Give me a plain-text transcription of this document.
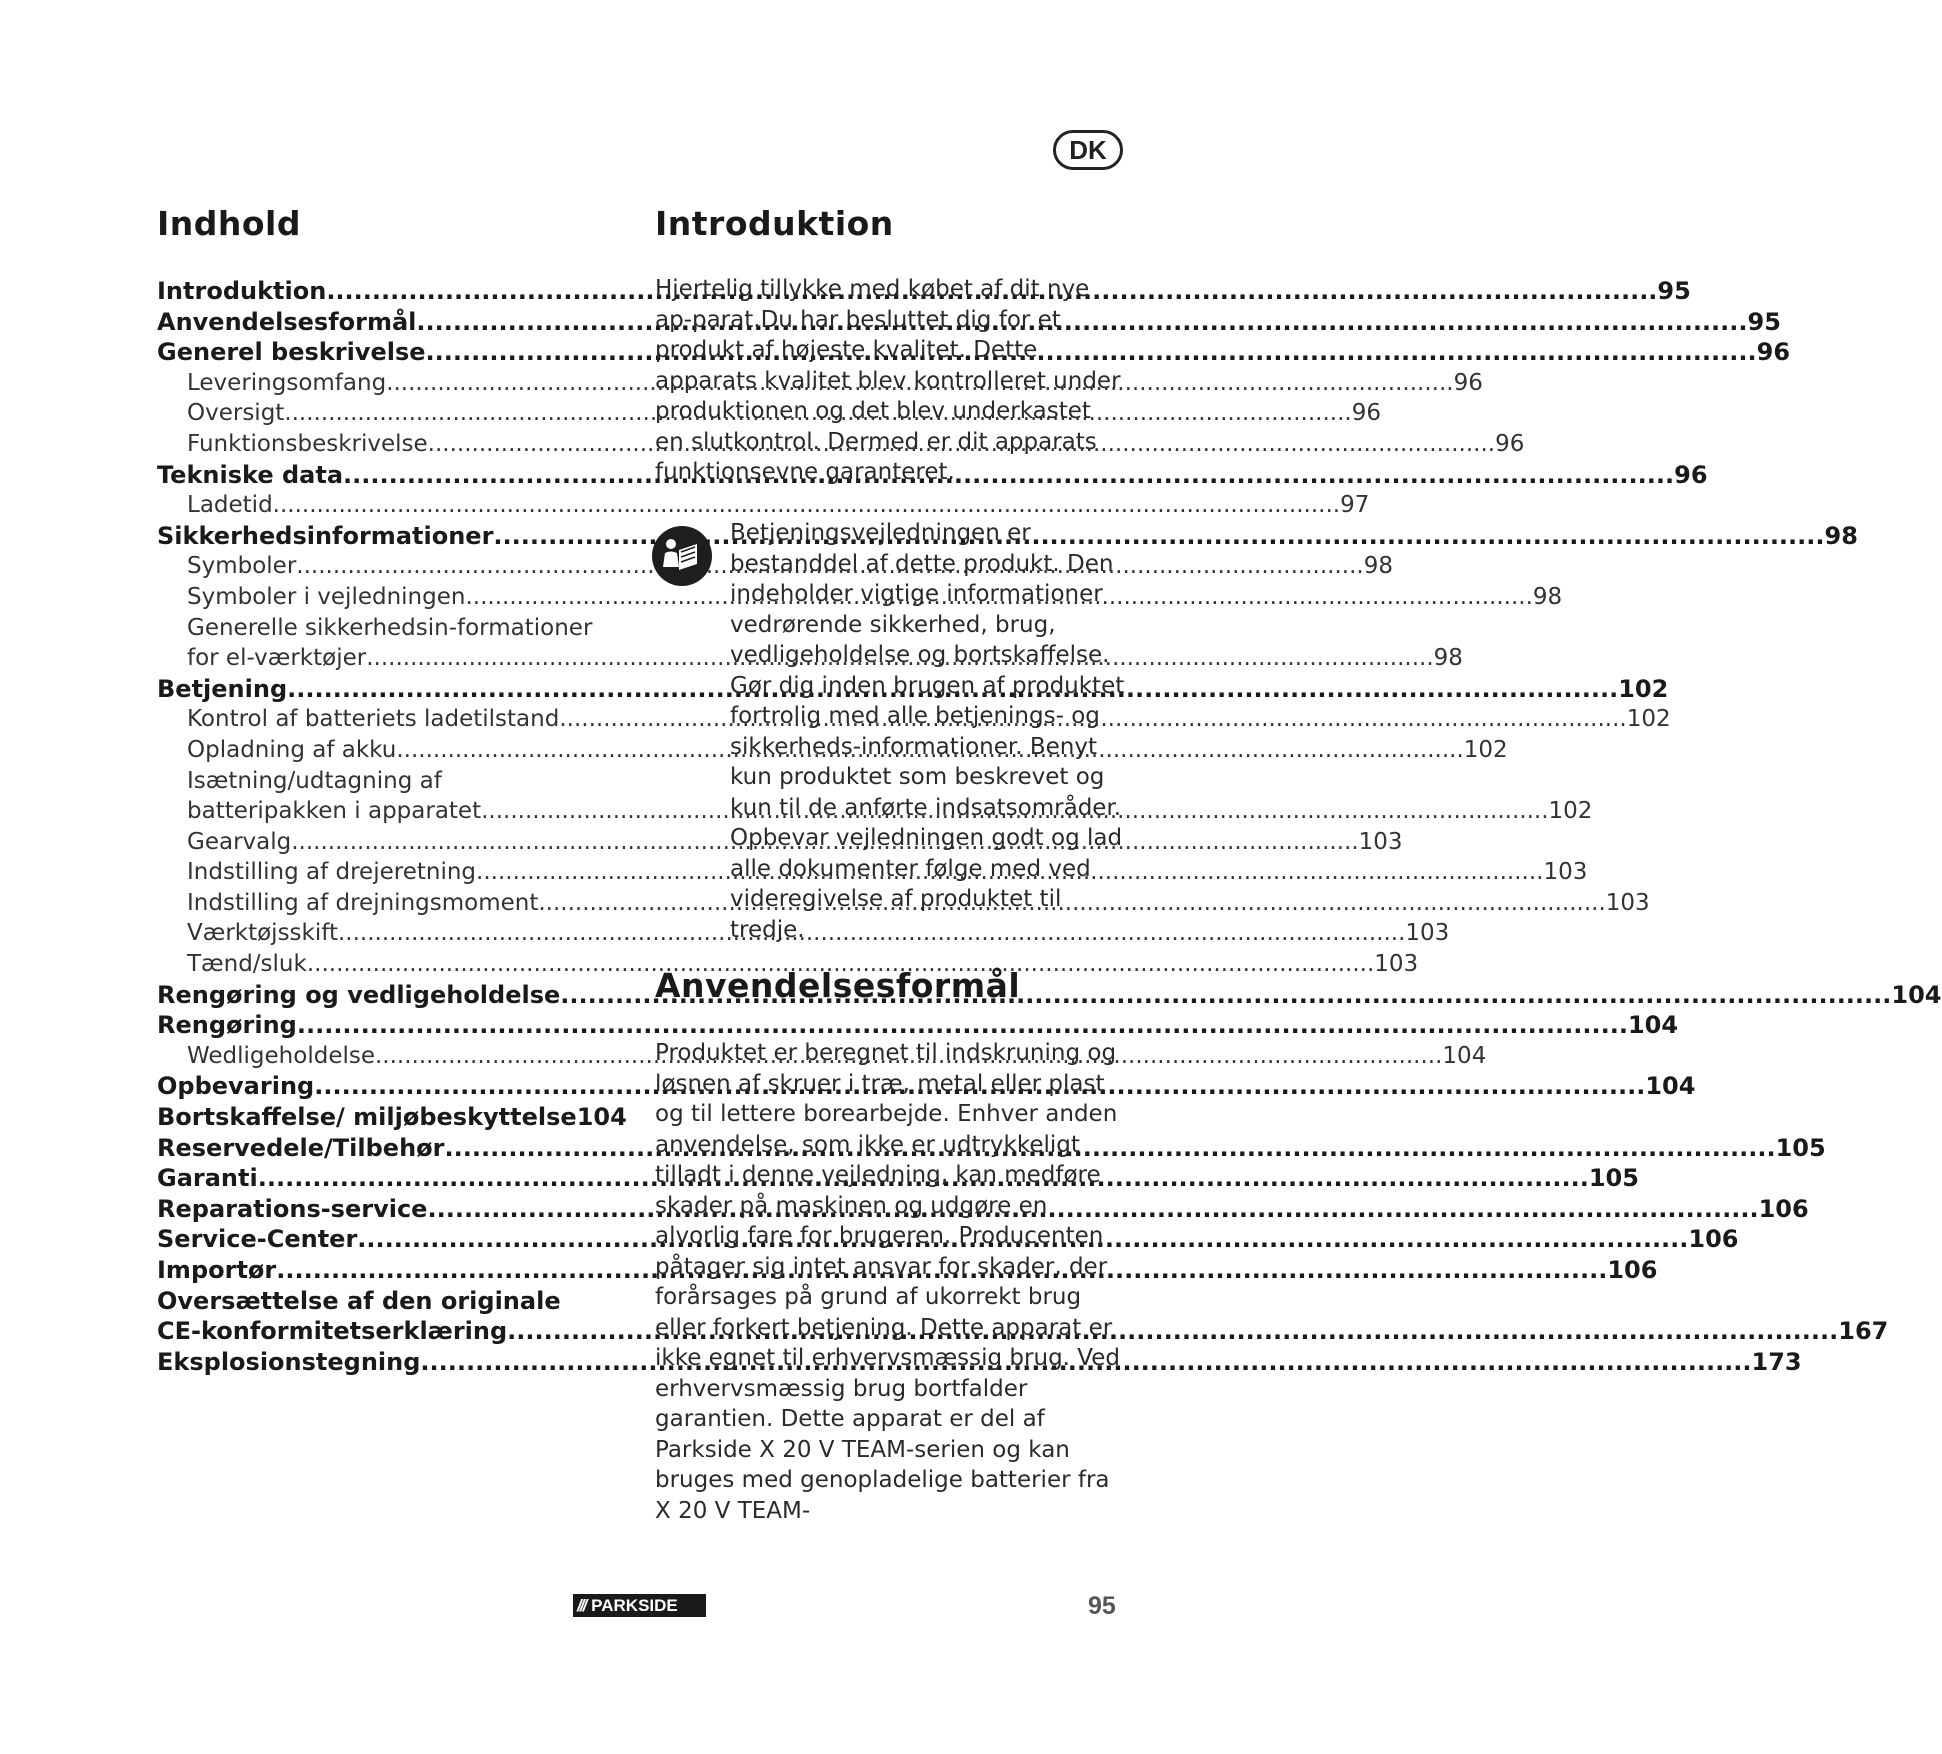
DK
Indhold
Introduktion .....	95
Anvendelsesformål .....	95
Generel beskrivelse .....	96
Leveringsomfang .....	96
Oversigt .....	96
Funktionsbeskrivelse .....	96
Tekniske data .....	96
Ladetid .....	97
Sikkerhedsinformationer .....	98
Symboler .....	98
Symboler i vejledningen .....	98
Generelle sikkerhedsin-formationer
for el-værktøjer .....	98
Betjening .....	102
Kontrol af batteriets ladetilstand .....	102
Opladning af akku .....	102
Isætning/udtagning af
batteripakken i apparatet .....	102
Gearvalg .....	103
Indstilling af drejeretning .....	103
Indstilling af drejningsmoment .....	103
Værktøjsskift .....	103
Tænd/sluk .....	103
Rengøring og vedligeholdelse .....	104
Rengøring .....	104
Wedligeholdelse .....	104
Opbevaring .....	104
Bortskaffelse/ miljøbeskyttelse 104
Reservedele/Tilbehør .....	105
Garanti .....	105
Reparations-service .....	106
Service-Center .....	106
Importør .....	106
Oversættelse af den originale
CE-konformitetserklæring .....	167
Eksplosionstegning .....	173
Introduktion

Hjertelig tillykke med købet af dit nye ap-parat.Du har besluttet dig for et produkt af højeste kvalitet. Dette apparats kvalitet blev kontrolleret under produktionen og det blev underkastet en slutkontrol. Dermed er dit apparats funktionsevne garanteret.

Betjeningsvejledningen er bestanddel af dette produkt. Den indeholder vigtige informationer vedrørende sikkerhed, brug, vedligeholdelse og bortskaffelse. Gør dig inden brugen af produktet fortrolig med alle betjenings- og sikkerheds-informationer. Benyt kun produktet som beskrevet og kun til de anførte indsatsområder. Opbevar vejledningen godt og lad alle dokumenter følge med ved videregivelse af produktet til tredje.

Anvendelsesformål

Produktet er beregnet til indskruning og løsnen af skruer i træ, metal eller plast og til lettere borearbejde. Enhver anden anvendelse, som ikke er udtrykkeligt tilladt i denne vejledning, kan medføre skader på maskinen og udgøre en alvorlig fare for brugeren. Producenten påtager sig intet ansvar for skader, der forårsages på grund af ukorrekt brug eller forkert betjening. Dette apparat er ikke egnet til erhvervsmæssig brug. Ved erhvervsmæssig brug bortfalder garantien. Dette apparat er del af Parkside X 20 V TEAM-serien og kan bruges med genopladelige batterier fra X 20 V TEAM-

/// PARKSIDE	95
